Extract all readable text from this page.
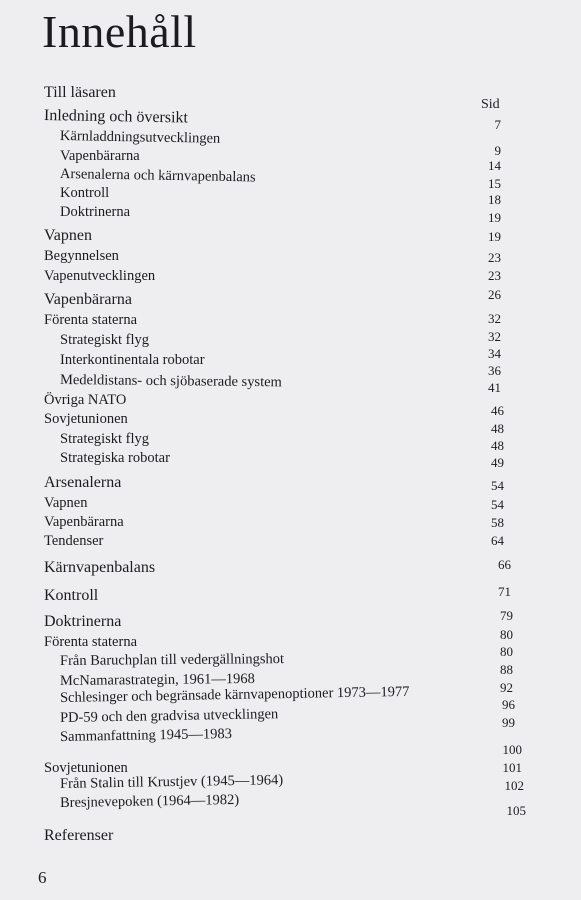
Innehåll
Sid
Till läsaren
Inledning och översikt
Kärnladdningsutvecklingen
Vapenbärarna
Arsenalerna och kärnvapenbalans
Kontroll
Doktrinerna
Vapnen
Begynnelsen
Vapenutvecklingen
Vapenbärarna
Förenta staterna
Strategiskt flyg
Interkontinentala robotar
Medeldistans- och sjöbaserade system
Övriga NATO
Sovjetunionen
Strategiskt flyg
Strategiska robotar
Arsenalerna
Vapnen
Vapenbärarna
Tendenser
Kärnvapenbalans
Kontroll
Doktrinerna
Förenta staterna
Från Baruchplan till vedergällningshot
McNamarastrategin, 1961—1968
Schlesinger och begränsade kärnvapenoptioner 1973—1977
PD-59 och den gradvisa utvecklingen
Sammanfattning 1945—1983
Sovjetunionen
Från Stalin till Krustjev (1945—1964)
Bresjnevepoken (1964—1982)
Referenser
7
9
14
15
18
19
19
23
23
26
32
32
34
36
41
46
48
48
49
54
54
58
64
66
71
79
80
80
88
92
96
99
100
101
102
105
6
